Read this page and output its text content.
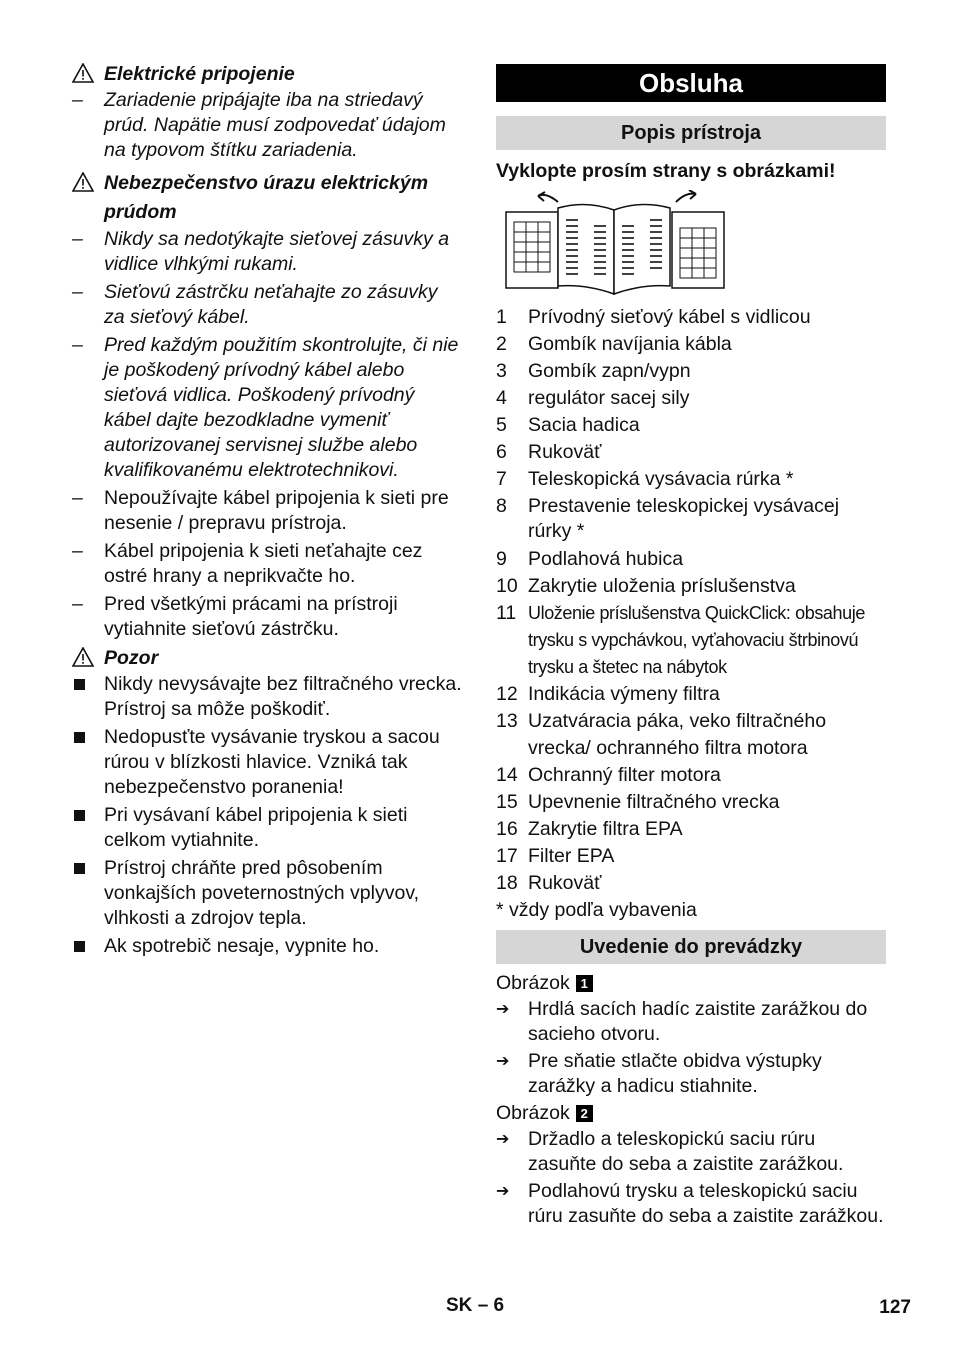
Elektrické pripojenie
–	Zariadenie pripájajte iba na striedavý prúd. Napätie musí zodpovedať údajom na typovom štítku zariadenia.
Nebezpečenstvo úrazu elektrickým prúdom
–	Nikdy sa nedotýkajte sieťovej zásuvky a vidlice vlhkými rukami.
–	Sieťovú zástrčku neťahajte zo zásuvky za sieťový kábel.
–	Pred každým použitím skontrolujte, či nie je poškodený prívodný kábel alebo sieťová vidlica. Poškodený prívodný kábel dajte bezodkladne vymeniť autorizovanej servisnej službe alebo kvalifikovanému elektrotechnikovi.
–	Nepoužívajte kábel pripojenia k sieti pre nesenie / prepravu prístroja.
–	Kábel pripojenia k sieti neťahajte cez ostré hrany a neprikvačte ho.
–	Pred všetkými prácami na prístroji vytiahnite sieťovú zástrčku.
Pozor
Nikdy nevysávajte bez filtračného vrecka.
Prístroj sa môže poškodiť.
Nedopusťte vysávanie tryskou a sacou rúrou v blízkosti hlavice. Vzniká tak nebezpečenstvo poranenia!
Pri vysávaní kábel pripojenia k sieti celkom vytiahnite.
Prístroj chráňte pred pôsobením vonkajších poveternostných vplyvov, vlhkosti a zdrojov tepla.
Ak spotrebič nesaje, vypnite ho.
Obsluha
Popis prístroja
Vyklopte prosím strany s obrázkami!
1	Prívodný sieťový kábel s vidlicou
2	Gombík navíjania kábla
3	Gombík zapn/vypn
4	regulátor sacej sily
5	Sacia hadica
6	Rukoväť
7	Teleskopická vysávacia rúrka *
8	Prestavenie teleskopickej vysávacej rúrky *
9	Podlahová hubica
10 Zakrytie uloženia príslušenstva
11 Uloženie príslušenstva QuickClick: obsahuje trysku s vypchávkou, vyťahovaciu štrbinovú trysku a štetec na nábytok
12 Indikácia výmeny filtra
13 Uzatváracia páka, veko filtračného vrecka/ ochranného filtra motora
14 Ochranný filter motora
15 Upevnenie filtračného vrecka
16 Zakrytie filtra EPA
17 Filter EPA
18 Rukoväť
* vždy podľa vybavenia
Uvedenie do prevádzky
Obrázok 1
➔ Hrdlá sacích hadíc zaistite zarážkou do sacieho otvoru.
➔ Pre sňatie stlačte obidva výstupky zarážky a hadicu stiahnite.
Obrázok 2
➔ Držadlo a teleskopickú saciu rúru zasuňte do seba a zaistite zarážkou.
➔ Podlahovú trysku a teleskopickú saciu rúru zasuňte do seba a zaistite zarážkou.
SK – 6	127
